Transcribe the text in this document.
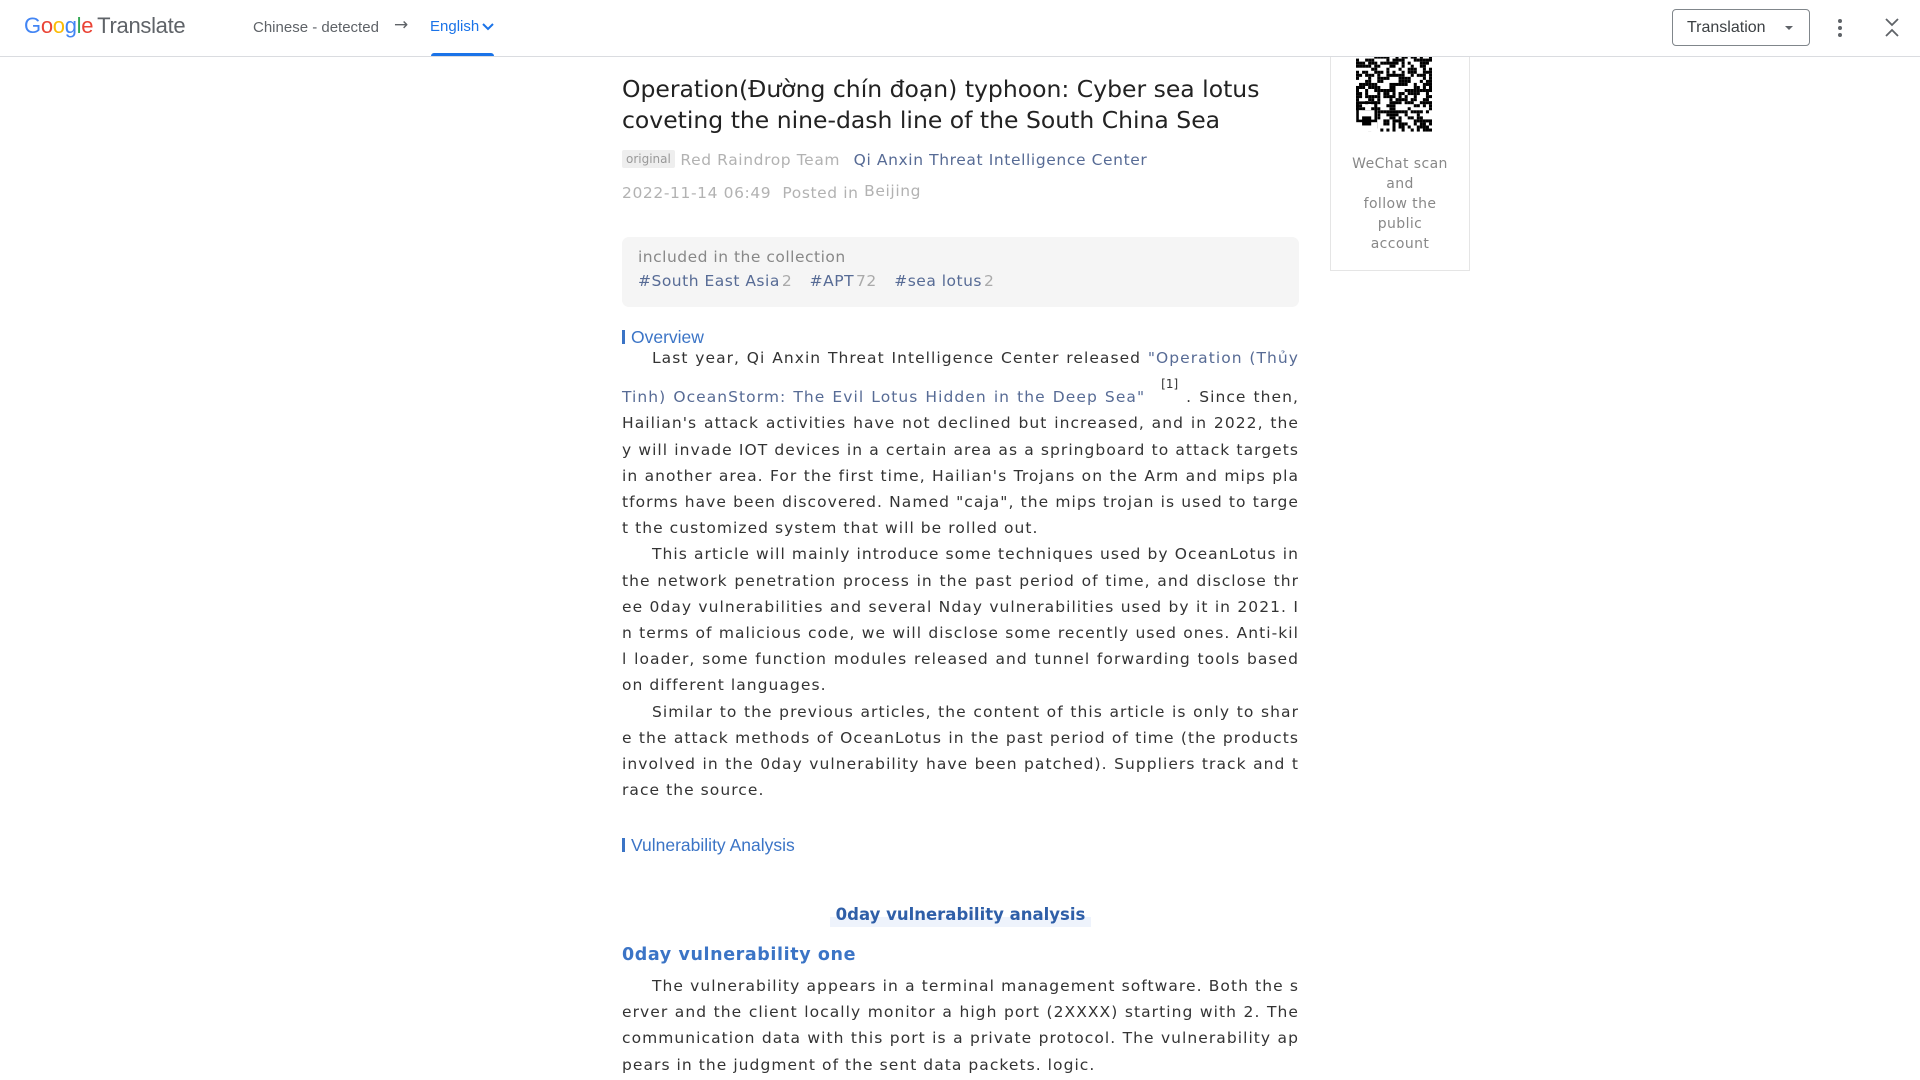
Google Translate	Chinese - detected → English	Translation
Operation(Đường chín đoạn) typhoon: Cyber sea lotus coveting the nine-dash line of the South China Sea
original Red Raindrop Team Qi Anxin Threat Intelligence Center
2022-11-14 06:49 Posted in Beijing
included in the collection
#South East Asia 2 #APT 72 #sea lotus 2
Overview

Last year, Qi Anxin Threat Intelligence Center released "Operation (Thủy Tinh) OceanStorm: The Evil Lotus Hidden in the Deep Sea"[1]. Since then, Hailian's attack activities have not declined but increased, and in 2022, they will invade IOT devices in a certain area as a springboard to attack targets in another area. For the first time, Hailian's Trojans on the Arm and mips platforms have been discovered. Named "caja", the mips trojan is used to target the customized system that will be rolled out.

This article will mainly introduce some techniques used by OceanLotus in the network penetration process in the past period of time, and disclose three 0day vulnerabilities and several Nday vulnerabilities used by it in 2021. In terms of malicious code, we will disclose some recently used ones. Anti-kill loader, some function modules released and tunnel forwarding tools based on different languages.

Similar to the previous articles, the content of this article is only to share the attack methods of OceanLotus in the past period of time (the products involved in the 0day vulnerability have been patched). Suppliers track and trace the source.

Vulnerability Analysis
0day vulnerability analysis
0day vulnerability one

The vulnerability appears in a terminal management software. Both the server and the client locally monitor a high port (2XXXX) starting with 2. The communication data with this port is a private protocol. The vulnerability appears in the judgment of the sent data packets. logic.

WeChat scan
and
follow the
public
account
